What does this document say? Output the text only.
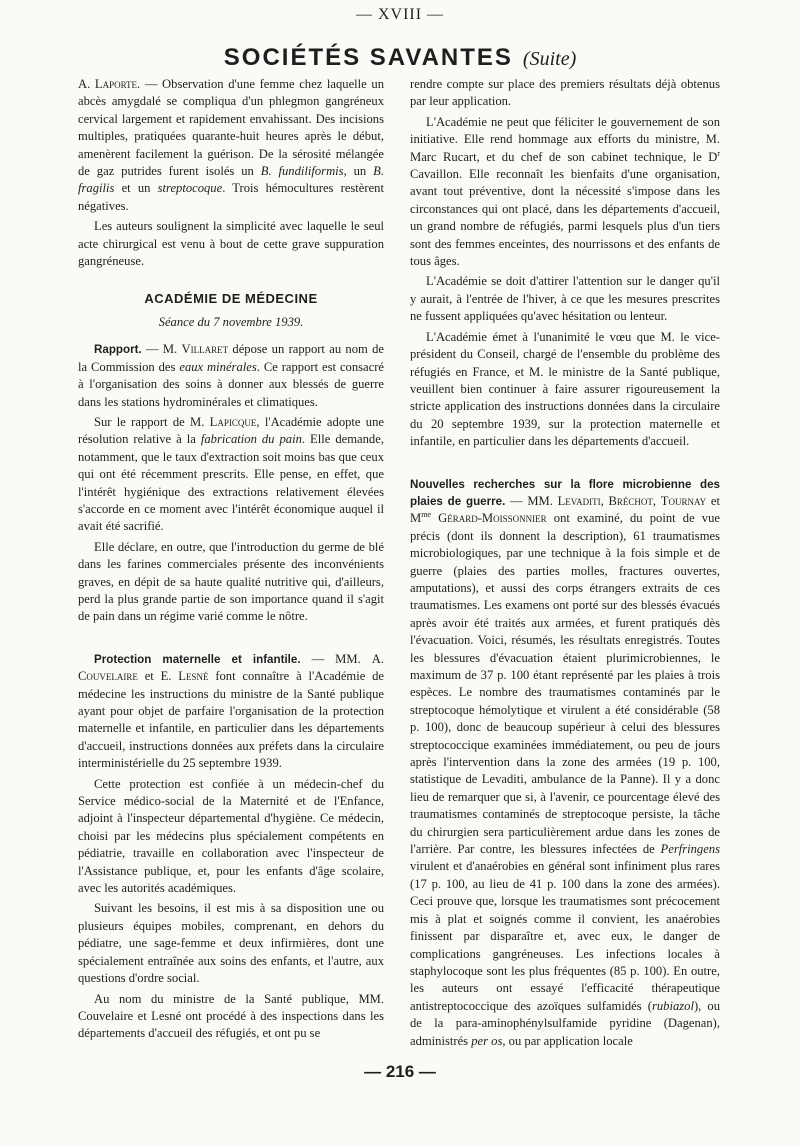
— XVIII —
SOCIÉTÉS SAVANTES (Suite)

A. Laporte. — Observation d'une femme chez laquelle un abcès amygdalé se compliqua d'un phlegmon gangréneux cervical largement et rapidement envahissant. Des incisions multiples, pratiquées quarante-huit heures après le début, amenèrent facilement la guérison. De la sérosité mélangée de gaz putrides furent isolés un B. fundiliformis, un B. fragilis et un streptocoque. Trois hémocultures restèrent négatives.

Les auteurs soulignent la simplicité avec laquelle le seul acte chirurgical est venu à bout de cette grave suppuration gangréneuse.

ACADÉMIE DE MÉDECINE
Séance du 7 novembre 1939.

Rapport. — M. Villaret dépose un rapport au nom de la Commission des eaux minérales. Ce rapport est consacré à l'organisation des soins à donner aux blessés de guerre dans les stations hydrominérales et climatiques.

Sur le rapport de M. Lapicque, l'Académie adopte une résolution relative à la fabrication du pain. Elle demande, notamment, que le taux d'extraction soit moins bas que ceux qui ont été récemment prescrits. Elle pense, en effet, que l'intérêt hygiénique des extractions relativement élevées s'accorde en ce moment avec l'intérêt économique auquel il avait été sacrifié.

Elle déclare, en outre, que l'introduction du germe de blé dans les farines commerciales présente des inconvénients graves, en dépit de sa haute qualité nutritive qui, d'ailleurs, perd la plus grande partie de son importance quand il s'agit de pain dans un régime varié comme le nôtre.

Protection maternelle et infantile. — MM. A. Couvelaire et E. Lesné font connaître à l'Académie de médecine les instructions du ministre de la Santé publique ayant pour objet de parfaire l'organisation de la protection maternelle et infantile, en particulier dans les départements d'accueil, instructions données aux préfets dans la circulaire interministérielle du 25 septembre 1939.

Cette protection est confiée à un médecin-chef du Service médico-social de la Maternité et de l'Enfance, adjoint à l'inspecteur départemental d'hygiène. Ce médecin, choisi par les médecins plus spécialement compétents en pédiatrie, travaille en collaboration avec l'inspecteur de l'Assistance publique, et, pour les enfants d'âge scolaire, avec les autorités académiques.

Suivant les besoins, il est mis à sa disposition une ou plusieurs équipes mobiles, comprenant, en dehors du pédiatre, une sage-femme et deux infirmières, dont une spécialement entraînée aux soins des enfants, et l'autre, aux questions d'ordre social.

Au nom du ministre de la Santé publique, MM. Couvelaire et Lesné ont procédé à des inspections dans les départements d'accueil des réfugiés, et ont pu se

rendre compte sur place des premiers résultats déjà obtenus par leur application.

L'Académie ne peut que féliciter le gouvernement de son initiative. Elle rend hommage aux efforts du ministre, M. Marc Rucart, et du chef de son cabinet technique, le $D^r$ Cavaillon. Elle reconnaît les bienfaits d'une organisation, avant tout préventive, dont la nécessité s'impose dans les circonstances qui ont placé, dans les départements d'accueil, un grand nombre de réfugiés, parmi lesquels plus d'un tiers sont des femmes enceintes, des nourrissons et des enfants de tous âges.

L'Académie se doit d'attirer l'attention sur le danger qu'il y aurait, à l'entrée de l'hiver, à ce que les mesures prescrites ne fussent appliquées qu'avec hésitation ou lenteur.

L'Académie émet à l'unanimité le vœu que M. le vice-président du Conseil, chargé de l'ensemble du problème des réfugiés en France, et M. le ministre de la Santé publique, veuillent bien continuer à faire assurer rigoureusement la stricte application des instructions données dans la circulaire du 20 septembre 1939, sur la protection maternelle et infantile, en particulier dans les départements d'accueil.

Nouvelles recherches sur la flore microbienne des plaies de guerre. — MM. Levaditi, Bréchot, Tournay et $M^{me}$ Gérard-Moissonnier ont examiné, du point de vue précis (dont ils donnent la description), 61 traumatismes microbiologiques, par une technique à la fois simple et de guerre (plaies des parties molles, fractures ouvertes, amputations), et aussi des corps étrangers extraits de ces traumatismes. Les examens ont porté sur des blessés évacués après avoir été traités aux armées, et furent pratiqués dès l'évacuation. Voici, résumés, les résultats enregistrés. Toutes les blessures d'évacuation étaient plurimicrobiennes, le maximum de 37 p. 100 étant représenté par les plaies à trois espèces. Le nombre des traumatismes contaminés par le streptocoque hémolytique et virulent a été considérable (58 p. 100), donc de beaucoup supérieur à celui des blessures streptococcique examinées immédiatement, ou peu de jours après l'intervention dans la zone des armées (19 p. 100, statistique de Levaditi, ambulance de la Panne). Il y a donc lieu de remarquer que si, à l'avenir, ce pourcentage élevé des traumatismes contaminés de streptocoque persiste, la tâche du chirurgien sera particulièrement ardue dans les zones de l'arrière. Par contre, les blessures infectées de Perfringens virulent et d'anaérobies en général sont infiniment plus rares (17 p. 100, au lieu de 41 p. 100 dans la zone des armées). Ceci prouve que, lorsque les traumatismes sont précocement mis à plat et soignés comme il convient, les anaérobies finissent par disparaître et, avec eux, le danger de complications gangréneuses. Les infections locales à staphylocoque sont les plus fréquentes (85 p. 100). En outre, les auteurs ont essayé l'efficacité thérapeutique antistreptococcique des azoïques sulfamidés (rubiazol), ou de la para-aminophénylsulfamide pyridine (Dagenan), administrés per os, ou par application locale

— 216 —
